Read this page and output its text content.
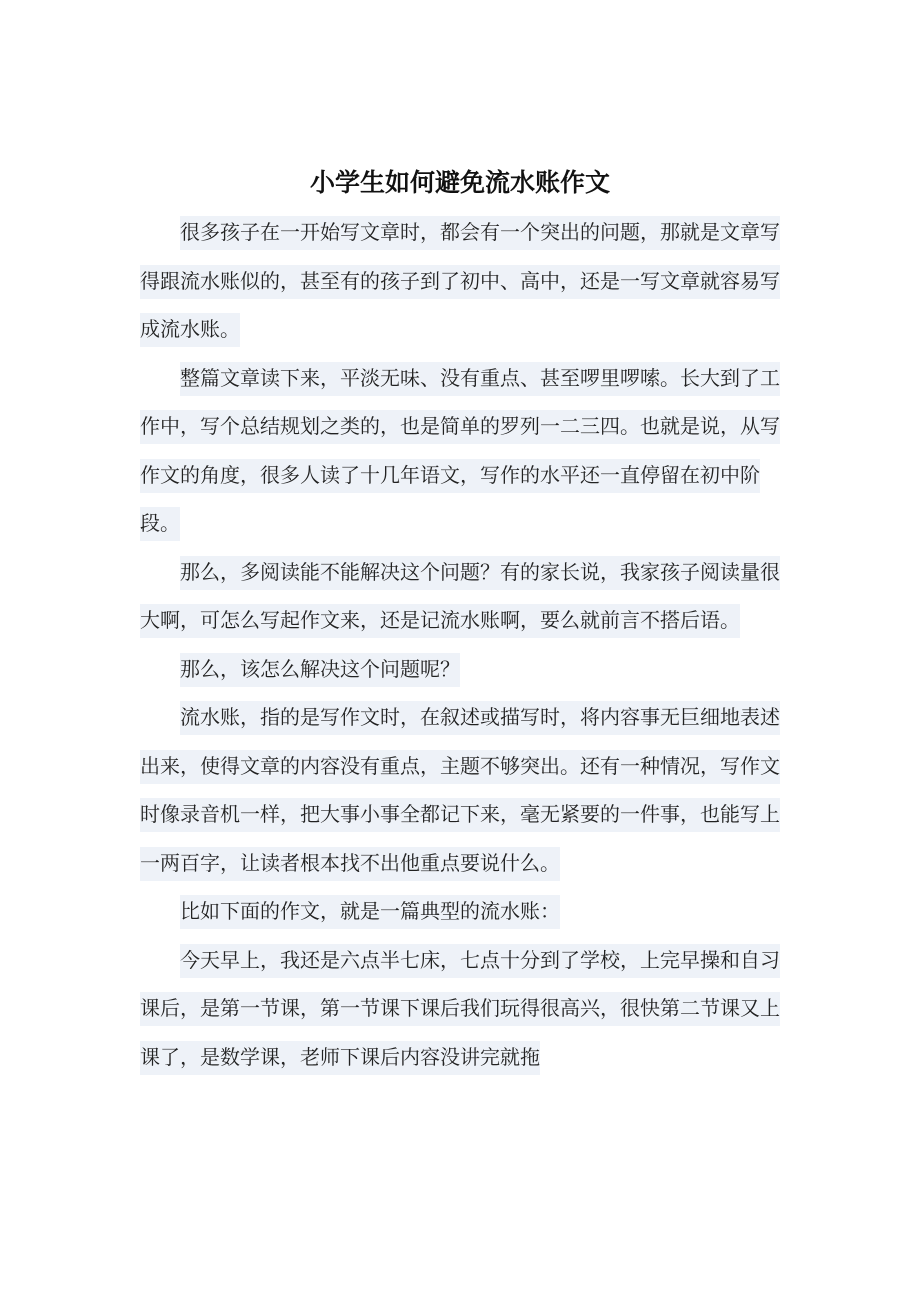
小学生如何避免流水账作文

很多孩子在一开始写文章时，都会有一个突出的问题，那就是文章写得跟流水账似的，甚至有的孩子到了初中、高中，还是一写文章就容易写成流水账。

整篇文章读下来，平淡无味、没有重点、甚至啰里啰嗦。长大到了工作中，写个总结规划之类的，也是简单的罗列一二三四。也就是说，从写作文的角度，很多人读了十几年语文，写作的水平还一直停留在初中阶段。

那么，多阅读能不能解决这个问题？有的家长说，我家孩子阅读量很大啊，可怎么写起作文来，还是记流水账啊，要么就前言不搭后语。

那么，该怎么解决这个问题呢？

流水账，指的是写作文时，在叙述或描写时，将内容事无巨细地表述出来，使得文章的内容没有重点，主题不够突出。还有一种情况，写作文时像录音机一样，把大事小事全都记下来，毫无紧要的一件事，也能写上一两百字，让读者根本找不出他重点要说什么。

比如下面的作文，就是一篇典型的流水账：

今天早上，我还是六点半七床，七点十分到了学校，上完早操和自习课后，是第一节课，第一节课下课后我们玩得很高兴，很快第二节课又上课了，是数学课，老师下课后内容没讲完就拖
